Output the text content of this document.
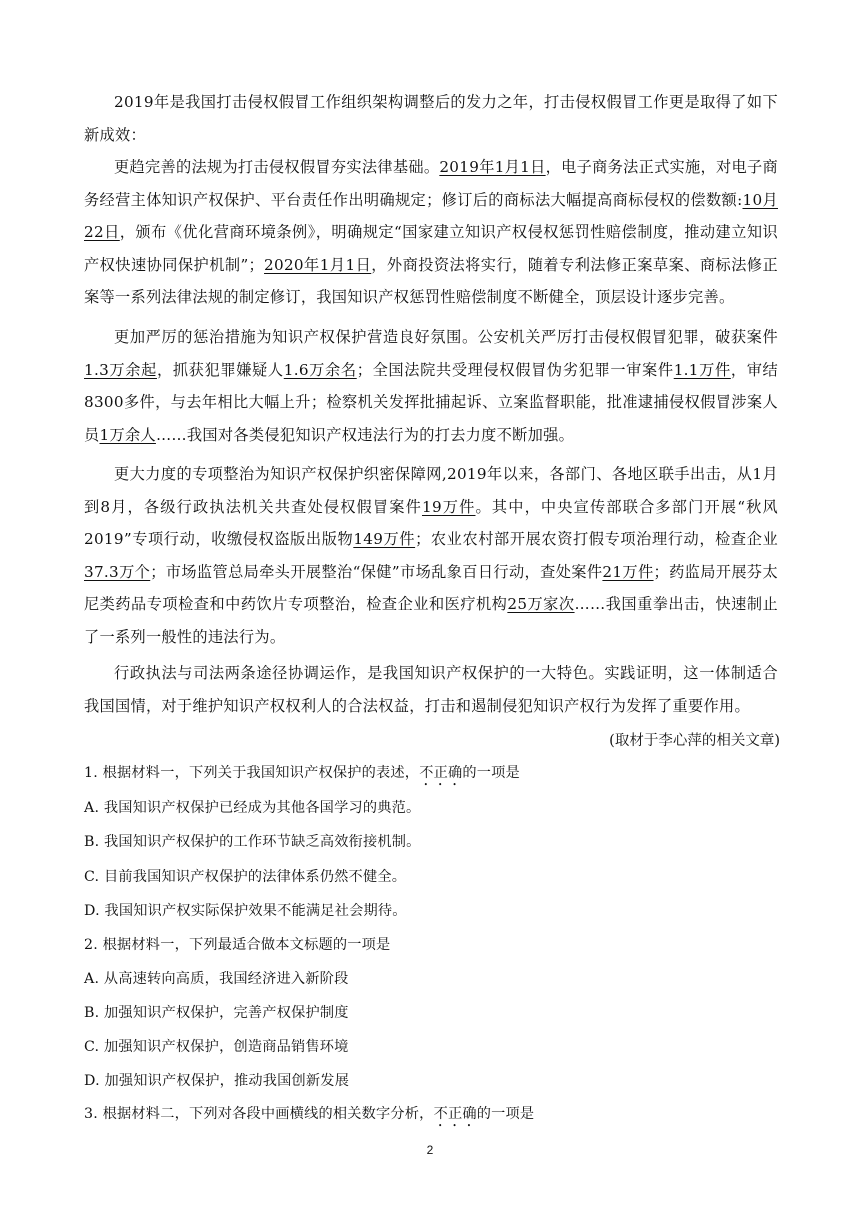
2019年是我国打击侵权假冒工作组织架构调整后的发力之年，打击侵权假冒工作更是取得了如下新成效：

更趋完善的法规为打击侵权假冒夯实法律基础。2019年1月1日，电子商务法正式实施，对电子商务经营主体知识产权保护、平台责任作出明确规定；修订后的商标法大幅提高商标侵权的偿数额:10月22日，颁布《优化营商环境条例》，明确规定“国家建立知识产权侵权惩罚性赔偿制度，推动建立知识产权快速协同保护机制”；2020年1月1日，外商投资法将实行，随着专利法修正案草案、商标法修正案等一系列法律法规的制定修订，我国知识产权惩罚性赔偿制度不断健全，顶层设计逐步完善。

更加严厉的惩治措施为知识产权保护营造良好氛围。公安机关严厉打击侵权假冒犯罪，破获案件1.3万余起，抓获犯罪嫌疑人1.6万余名；全国法院共受理侵权假冒伪劣犯罪一审案件1.1万件，审结8300多件，与去年相比大幅上升；检察机关发挥批捕起诉、立案监督职能，批准逮捕侵权假冒涉案人员1万余人……我国对各类侵犯知识产权违法行为的打去力度不断加强。

更大力度的专项整治为知识产权保护织密保障网,2019年以来，各部门、各地区联手出击，从1月到8月，各级行政执法机关共查处侵权假冒案件19万件。其中，中央宣传部联合多部门开展“秋风2019”专项行动，收缴侵权盗版出版物149万件；农业农村部开展农资打假专项治理行动，检查企业37.3万个；市场监管总局牵头开展整治“保健”市场乱象百日行动，查处案件21万件；药监局开展芬太尼类药品专项检查和中药饮片专项整治，检查企业和医疗机构25万家次……我国重拳出击，快速制止了一系列一般性的违法行为。

行政执法与司法两条途径协调运作，是我国知识产权保护的一大特色。实践证明，这一体制适合我国国情，对于维护知识产权权利人的合法权益，打击和遏制侵犯知识产权行为发挥了重要作用。

(取材于李心萍的相关文章)

1. 根据材料一，下列关于我国知识产权保护的表述，不正确的一项是

A. 我国知识产权保护已经成为其他各国学习的典范。

B. 我国知识产权保护的工作环节缺乏高效衔接机制。

C. 目前我国知识产权保护的法律体系仍然不健全。

D. 我国知识产权实际保护效果不能满足社会期待。

2. 根据材料一，下列最适合做本文标题的一项是

A. 从高速转向高质，我国经济进入新阶段

B. 加强知识产权保护，完善产权保护制度

C. 加强知识产权保护，创造商品销售环境

D. 加强知识产权保护，推动我国创新发展

3. 根据材料二，下列对各段中画横线的相关数字分析，不正确的一项是

2
